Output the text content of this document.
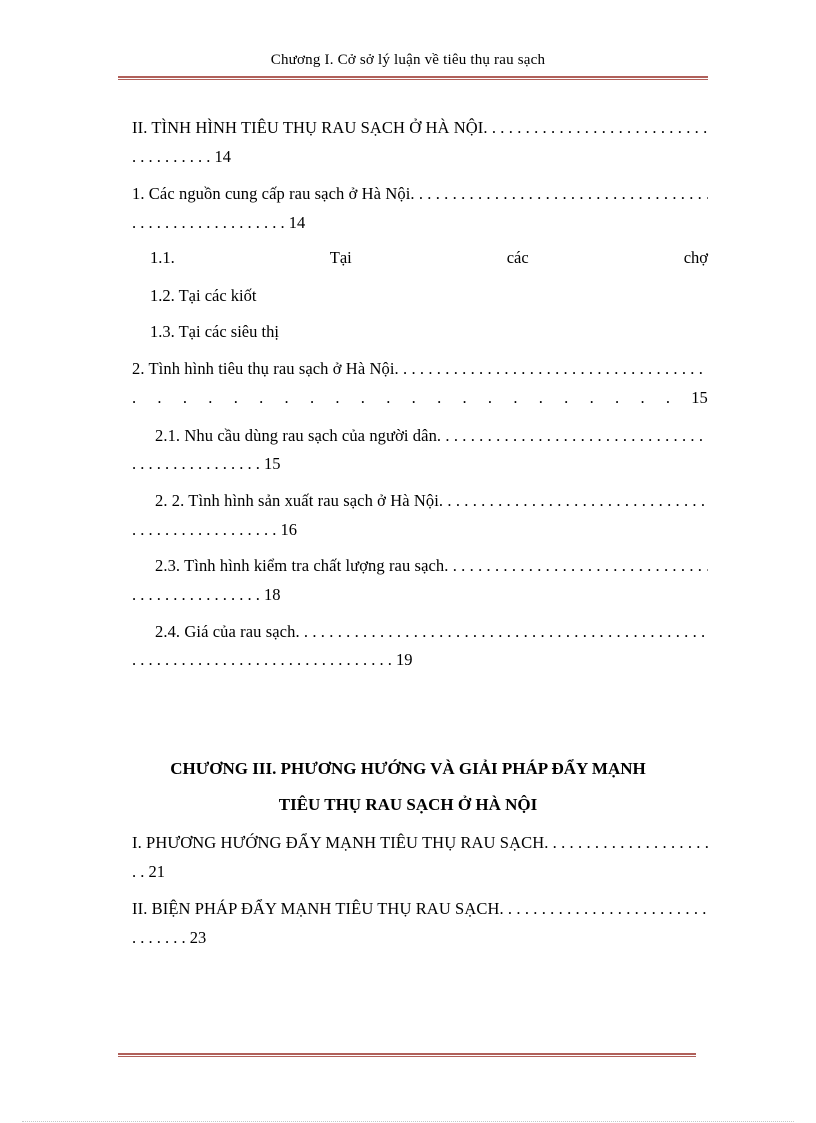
Chương I. Cở sở lý luận về tiêu thụ rau sạch
II. TÌNH HÌNH TIÊU THỤ RAU SẠCH Ở HÀ NỘI. . . .
. . . . . . . . . . 14
1. Các nguồn cung cấp rau sạch ở Hà Nội. . . .
. . . . . . . . . . . . . . . . . . . 14
1.1.	Tại	các	chợ
1.2. Tại các kiốt
1.3. Tại các siêu thị
2. Tình hình tiêu thụ rau sạch ở Hà Nội. . . .
. . . . . . . . . . . . . . . . . . . . . . 15
2.1. Nhu cầu dùng rau sạch của người dân. . . .
. . . . . . . . . . . . . . . . 15
2. 2. Tình hình sản xuất rau sạch ở Hà Nội. . . .
. . . . . . . . . . . . . . . . . . 16
2.3. Tình hình kiểm tra chất lượng rau sạch. . . .
. . . . . . . . . . . . . . . . 18
2.4. Giá của rau sạch. . . .
. . . . . . . . . . . . . . . . . . . . . . . . . . . . . . . . 19
CHƯƠNG III. PHƯƠNG HƯỚNG VÀ GIẢI PHÁP ĐẨY MẠNH
TIÊU THỤ RAU SẠCH Ở HÀ NỘI
I. PHƯƠNG HƯỚNG ĐẨY MẠNH TIÊU THỤ RAU SẠCH. . . .
. . 21
II. BIỆN PHÁP ĐẨY MẠNH TIÊU THỤ RAU SẠCH. . . .
. . . . . . . 23
